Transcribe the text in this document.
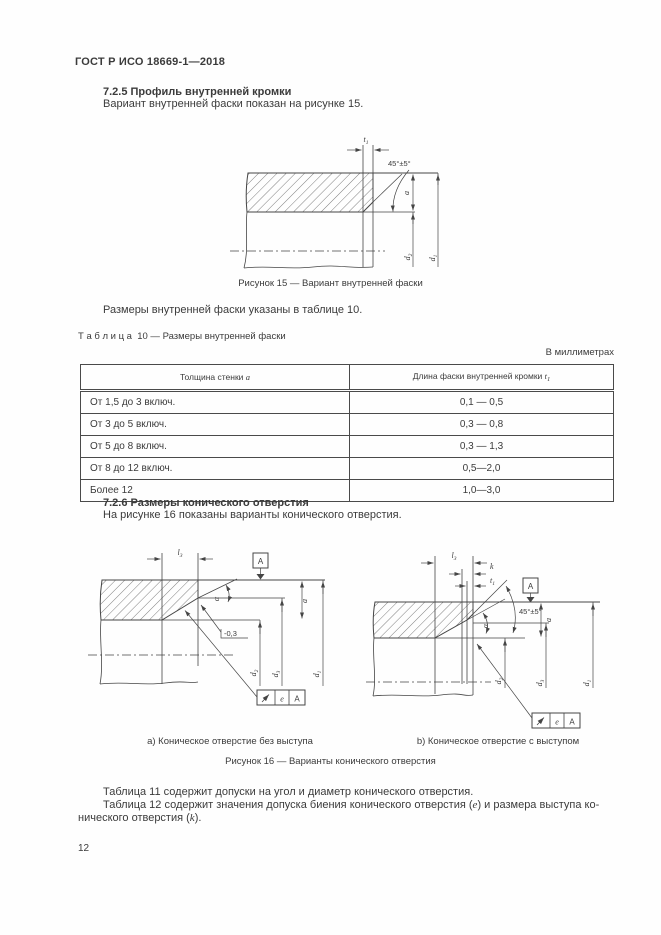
ГОСТ Р ИСО 18669-1—2018
7.2.5 Профиль внутренней кромки
Вариант внутренней фаски показан на рисунке 15.
$t_1$
45°±5°
a
$d_2$
$d_1$
Рисунок 15 — Вариант внутренней фаски
Размеры внутренней фаски указаны в таблице 10.
Т а б л и ц а  10 — Размеры внутренней фаски
В миллиметрах
Толщина стенки а	Длина фаски внутренней кромки $t_1$
От 1,5 до 3 включ.	0,1 — 0,5
От 3 до 5 включ.	0,3 — 0,8
От 5 до 8 включ.	0,3 — 1,3
От 8 до 12 включ.	0,5—2,0
Более 12	1,0—3,0
7.2.6 Размеры конического отверстия
На рисунке 16 показаны варианты конического отверстия.
A
e A
$l_3$
α
-0,3
a
$d_2$
$d_3$
$d_1$
A
e A
$l_3$
k
$t_1$
45°±5°
α
a
$d_2$
$d_3$
$d_1$
а) Коническое отверстие без выступа	b) Коническое отверстие с выступом
Рисунок 16 — Варианты конического отверстия
Таблица 11 содержит допуски на угол и диаметр конического отверстия.
Таблица 12 содержит значения допуска биения конического отверстия (e) и размера выступа ко-
нического отверстия (k).
12
